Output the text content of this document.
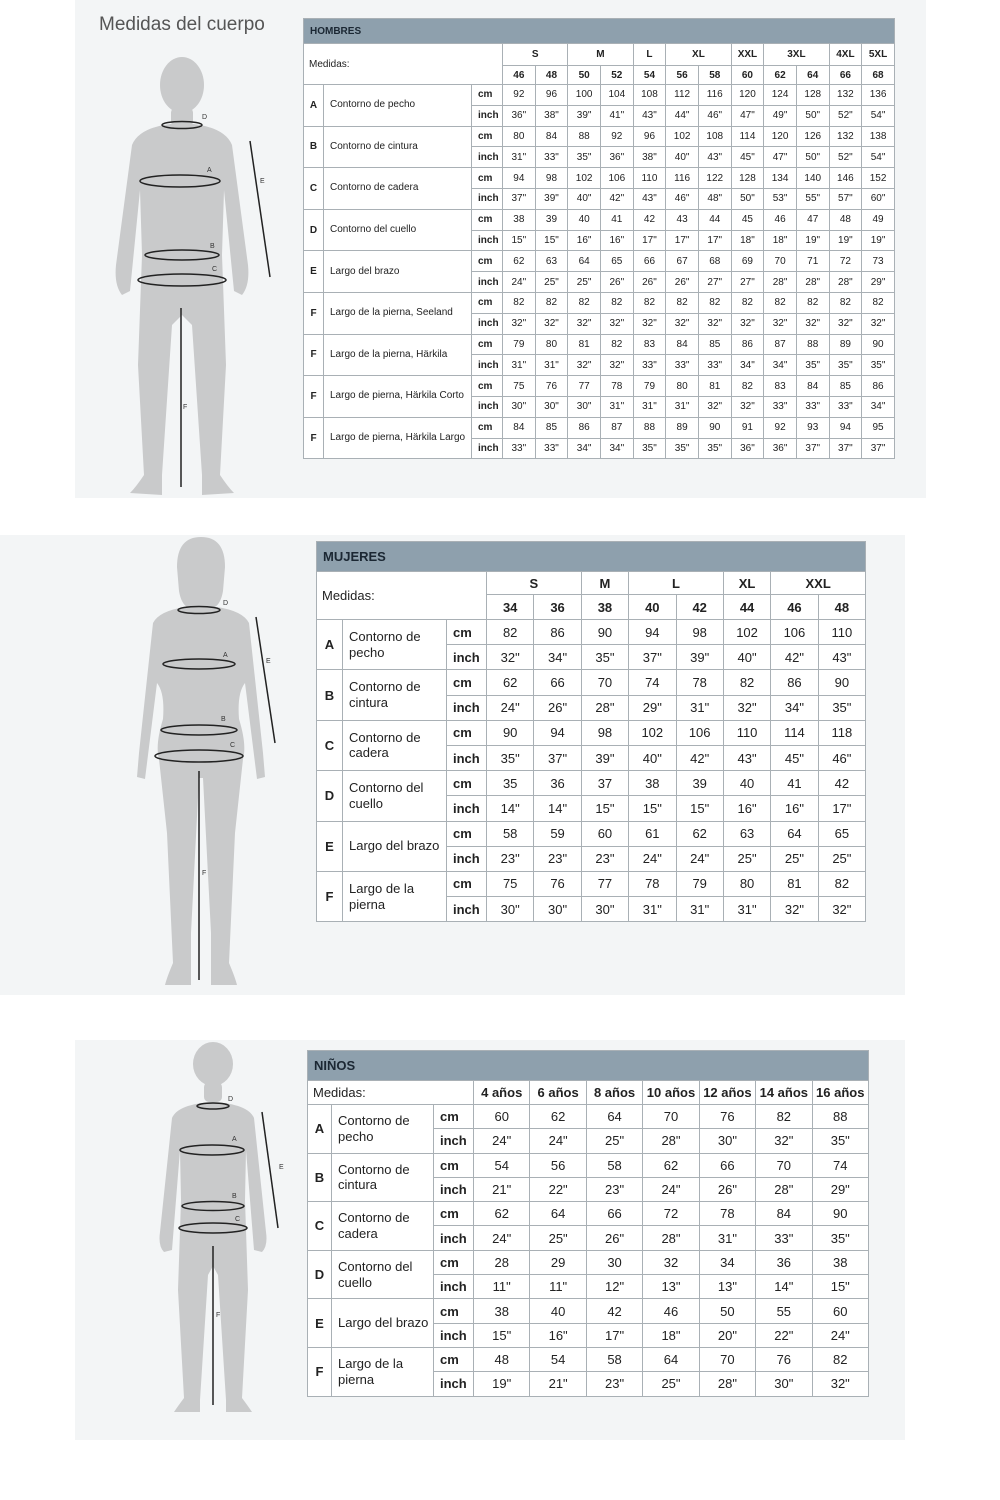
Medidas del cuerpo
D
A
B
C
E
F
D
A
B
C
E
F
D
A
B
C
E
F
HOMBRES														
Medidas:			S		M		L	XL		XXL	3XL		4XL	5XL
			46	48	50	52	54	56	58	60	62	64	66	68
A	Contorno de pecho	cm	92	96	100	104	108	112	116	120	124	128	132	136
		inch	36"	38"	39"	41"	43"	44"	46"	47"	49"	50"	52"	54"
B	Contorno de cintura	cm	80	84	88	92	96	102	108	114	120	126	132	138
		inch	31"	33"	35"	36"	38"	40"	43"	45"	47"	50"	52"	54"
C	Contorno de cadera	cm	94	98	102	106	110	116	122	128	134	140	146	152
		inch	37"	39"	40"	42"	43"	46"	48"	50"	53"	55"	57"	60"
D	Contorno del cuello	cm	38	39	40	41	42	43	44	45	46	47	48	49
		inch	15"	15"	16"	16"	17"	17"	17"	18"	18"	19"	19"	19"
E	Largo del brazo	cm	62	63	64	65	66	67	68	69	70	71	72	73
		inch	24"	25"	25"	26"	26"	26"	27"	27"	28"	28"	28"	29"
F	Largo de la pierna, Seeland	cm	82	82	82	82	82	82	82	82	82	82	82	82
		inch	32"	32"	32"	32"	32"	32"	32"	32"	32"	32"	32"	32"
F	Largo de la pierna, Härkila	cm	79	80	81	82	83	84	85	86	87	88	89	90
		inch	31"	31"	32"	32"	33"	33"	33"	34"	34"	35"	35"	35"
F	Largo de pierna, Härkila Corto	cm	75	76	77	78	79	80	81	82	83	84	85	86
		inch	30"	30"	30"	31"	31"	31"	32"	32"	33"	33"	33"	34"
F	Largo de pierna, Härkila Largo	cm	84	85	86	87	88	89	90	91	92	93	94	95
		inch	33"	33"	34"	34"	35"	35"	35"	36"	36"	37"	37"	37"
MUJERES										
Medidas:			S		M	L		XL	XXL	
			34	36	38	40	42	44	46	48
A	Contorno de pecho	cm	82	86	90	94	98	102	106	110
		inch	32"	34"	35"	37"	39"	40"	42"	43"
B	Contorno de cintura	cm	62	66	70	74	78	82	86	90
		inch	24"	26"	28"	29"	31"	32"	34"	35"
C	Contorno de cadera	cm	90	94	98	102	106	110	114	118
		inch	35"	37"	39"	40"	42"	43"	45"	46"
D	Contorno del cuello	cm	35	36	37	38	39	40	41	42
		inch	14"	14"	15"	15"	15"	16"	16"	17"
E	Largo del brazo	cm	58	59	60	61	62	63	64	65
		inch	23"	23"	23"	24"	24"	25"	25"	25"
F	Largo de la pierna	cm	75	76	77	78	79	80	81	82
		inch	30"	30"	30"	31"	31"	31"	32"	32"
NIÑOS									
Medidas:			4 años	6 años	8 años	10 años	12 años	14 años	16 años
A	Contorno de pecho	cm	60	62	64	70	76	82	88
		inch	24"	24"	25"	28"	30"	32"	35"
B	Contorno de cintura	cm	54	56	58	62	66	70	74
		inch	21"	22"	23"	24"	26"	28"	29"
C	Contorno de cadera	cm	62	64	66	72	78	84	90
		inch	24"	25"	26"	28"	31"	33"	35"
D	Contorno del cuello	cm	28	29	30	32	34	36	38
		inch	11"	11"	12"	13"	13"	14"	15"
E	Largo del brazo	cm	38	40	42	46	50	55	60
		inch	15"	16"	17"	18"	20"	22"	24"
F	Largo de la pierna	cm	48	54	58	64	70	76	82
		inch	19"	21"	23"	25"	28"	30"	32"
